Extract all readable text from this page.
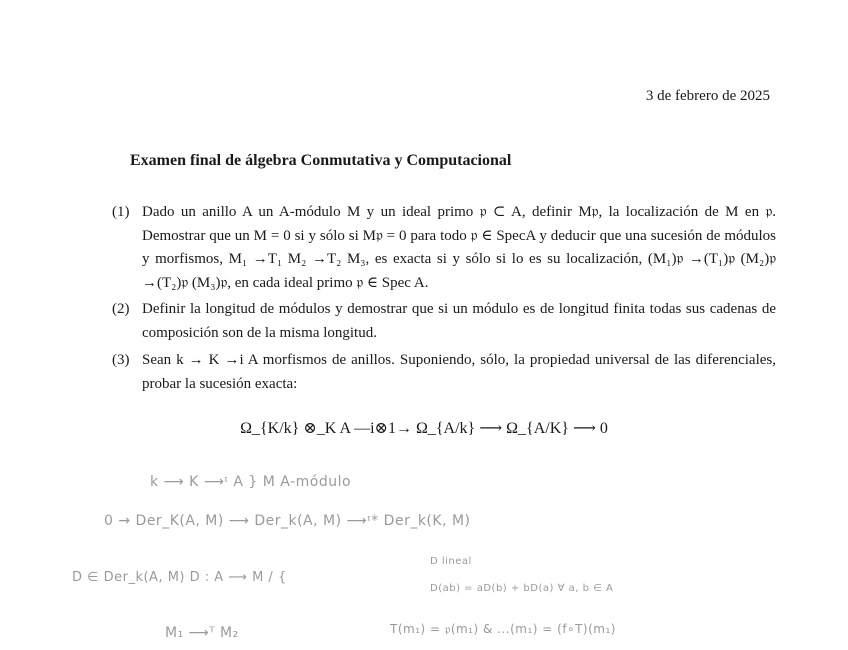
3 de febrero de 2025
Examen final de álgebra Conmutativa y Computacional
(1) Dado un anillo A un A-módulo M y un ideal primo 𝔭 ⊂ A, definir M𝔭, la localización de M en 𝔭. Demostrar que un M = 0 si y sólo si M𝔭 = 0 para todo 𝔭 ∈ SpecA y deducir que una sucesión de módulos y morfismos, M₁ →T₁ M₂ →T₂ M₃, es exacta si y sólo si lo es su localización, (M₁)𝔭 →(T₁)𝔭 (M₂)𝔭 →(T₂)𝔭 (M₃)𝔭, en cada ideal primo 𝔭 ∈ Spec A.
(2) Definir la longitud de módulos y demostrar que si un módulo es de longitud finita todas sus cadenas de composición son de la misma longitud.
(3) Sean k → K →i A morfismos de anillos. Suponiendo, sólo, la propiedad universal de las diferenciales, probar la sucesión exacta:
Ω_{K/k} ⊗_K A —i⊗1→ Ω_{A/k} ⟶ Ω_{A/K} ⟶ 0
k ⟶ K ⟶ᶦ A } M A-módulo
0 → Der_K(A, M) ⟶ Der_k(A, M) ⟶ᶦ* Der_k(K, M)
D ∈ Der_k(A, M) D : A ⟶ M / {
D lineal
D(ab) = aD(b) + bD(a) ∀ a, b ∈ A
M₁ ⟶ᵀ M₂	T(m₁) = 𝔭(m₁) & ...(m₁) = (f∘T)(m₁)
